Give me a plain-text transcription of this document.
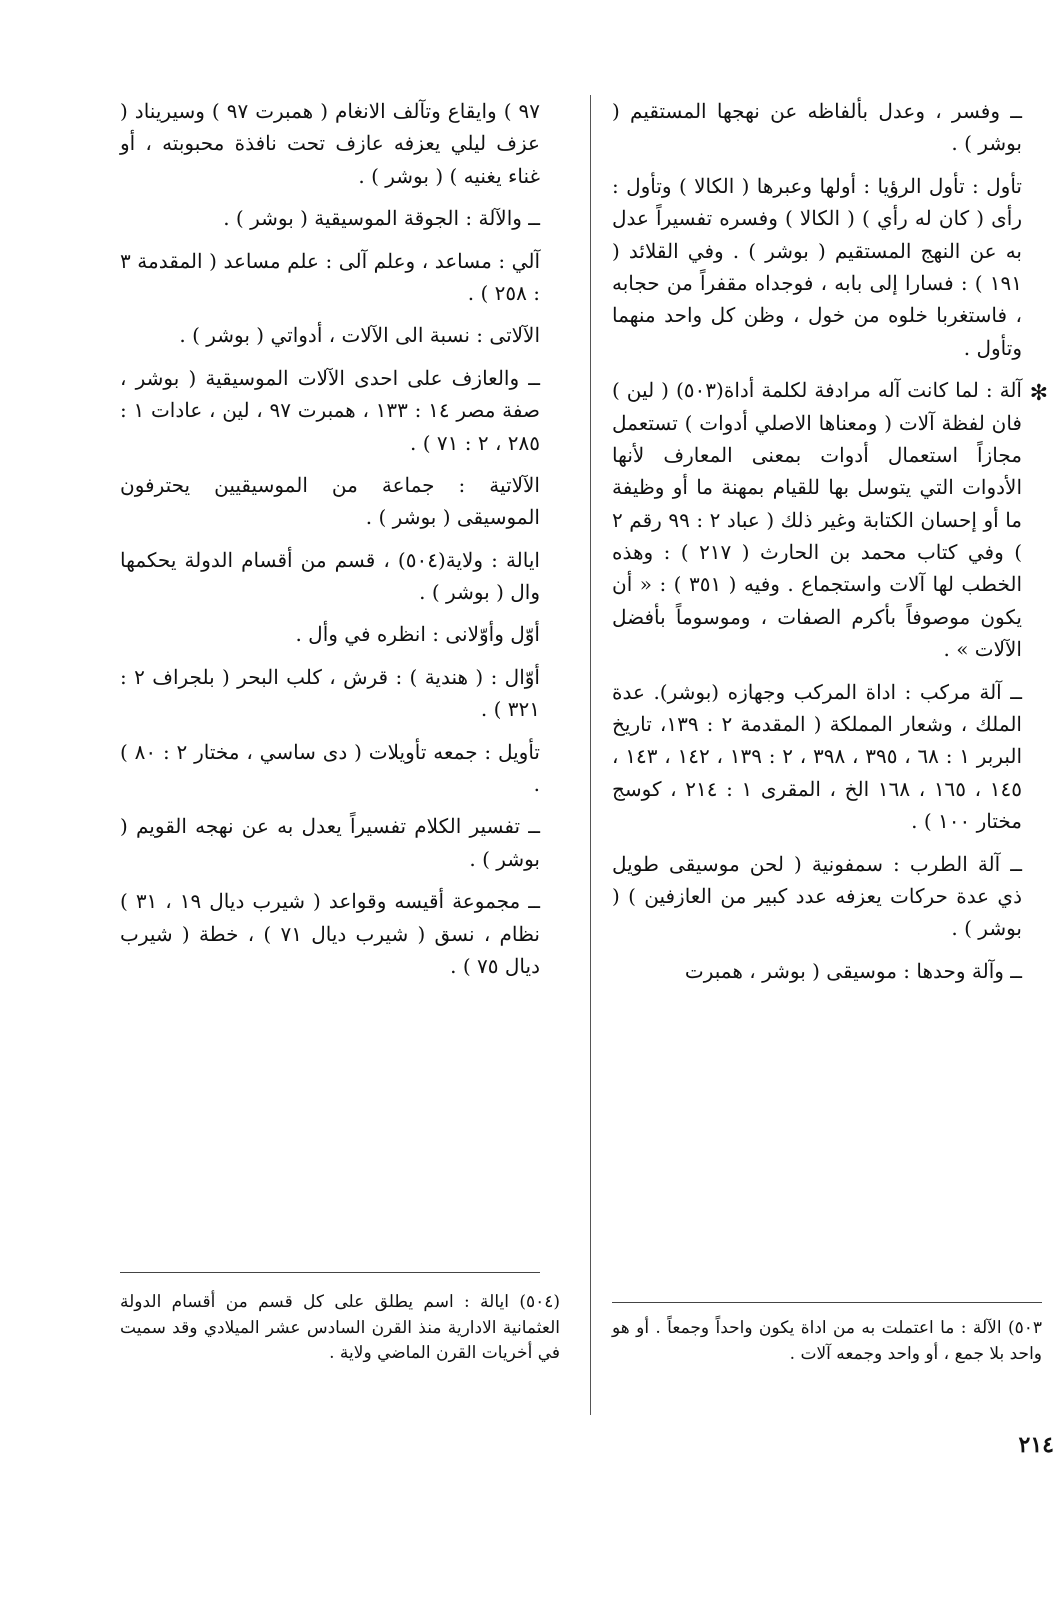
ــ وفسر ، وعدل بألفاظه عن نهجها المستقيم ( بوشر ) .

تأول : تأول الرؤيا : أولها وعبرها ( الكالا ) وتأول : رأى ( كان له رأي ) ( الكالا ) وفسره تفسيراً عدل به عن النهج المستقيم ( بوشر ) . وفي القلائد ( ١٩١ ) : فسارا إلى بابه ، فوجداه مقفراً من حجابه ، فاستغربا خلوه من خول ، وظن كل واحد منهما وتأول .

✻
آلة : لما كانت آله مرادفة لكلمة أداة(٥٠٣) ( لين ) فان لفظة آلات ( ومعناها الاصلي أدوات ) تستعمل مجازاً استعمال أدوات بمعنى المعارف لأنها الأدوات التي يتوسل بها للقيام بمهنة ما أو وظيفة ما أو إحسان الكتابة وغير ذلك ( عباد ٢ : ٩٩ رقم ٢ ) وفي كتاب محمد بن الحارث ( ٢١٧ ) : وهذه الخطب لها آلات واستجماع . وفيه ( ٣٥١ ) : « أن يكون موصوفاً بأكرم الصفات ، وموسوماً بأفضل الآلات » .

ــ آلة مركب : اداة المركب وجهازه (بوشر). عدة الملك ، وشعار المملكة ( المقدمة ٢ : ١٣٩، تاريخ البربر ١ : ٦٨ ، ٣٩٥ ، ٣٩٨ ، ٢ : ١٣٩ ، ١٤٢ ، ١٤٣ ، ١٤٥ ، ١٦٥ ، ١٦٨ الخ ، المقرى ١ : ٢١٤ ، كوسج مختار ١٠٠ ) .

ــ آلة الطرب : سمفونية ( لحن موسيقى طويل ذي عدة حركات يعزفه عدد كبير من العازفين ) ( بوشر ) .

ــ وآلة وحدها : موسيقى ( بوشر ، همبرت

٩٧ ) وايقاع وتآلف الانغام ( همبرت ٩٧ ) وسيريناد ( عزف ليلي يعزفه عازف تحت نافذة محبوبته ، أو غناء يغنيه ) ( بوشر ) .

ــ والآلة : الجوقة الموسيقية ( بوشر ) .

آلي : مساعد ، وعلم آلى : علم مساعد ( المقدمة ٣ : ٢٥٨ ) .

الآلاتى : نسبة الى الآلات ، أدواتي ( بوشر ) .

ــ والعازف على احدى الآلات الموسيقية ( بوشر ، صفة مصر ١٤ : ١٣٣ ، همبرت ٩٧ ، لين ، عادات ١ : ٢٨٥ ، ٢ : ٧١ ) .

الآلاتية : جماعة من الموسيقيين يحترفون الموسيقى ( بوشر ) .

ايالة : ولاية(٥٠٤) ، قسم من أقسام الدولة يحكمها وال ( بوشر ) .

أوّل وأوّلانى : انظره في وأل .

أوّال : ( هندية ) : قرش ، كلب البحر ( بلجراف ٢ : ٣٢١ ) .

تأويل : جمعه تأويلات ( دى ساسي ، مختار ٢ : ٨٠ ) .

ــ تفسير الكلام تفسيراً يعدل به عن نهجه القويم ( بوشر ) .

ــ مجموعة أقيسه وقواعد ( شيرب ديال ١٩ ، ٣١ ) نظام ، نسق ( شيرب ديال ٧١ ) ، خطة ( شيرب ديال ٧٥ ) .

٥٠٣) الآلة : ما اعتملت به من اداة يكون واحداً وجمعاً . أو هو واحد بلا جمع ، أو واحد وجمعه آلات .
(٥٠٤) ايالة : اسم يطلق على كل قسم من أقسام الدولة العثمانية الادارية منذ القرن السادس عشر الميلادي وقد سميت في أخريات القرن الماضي ولاية .
٢١٤
